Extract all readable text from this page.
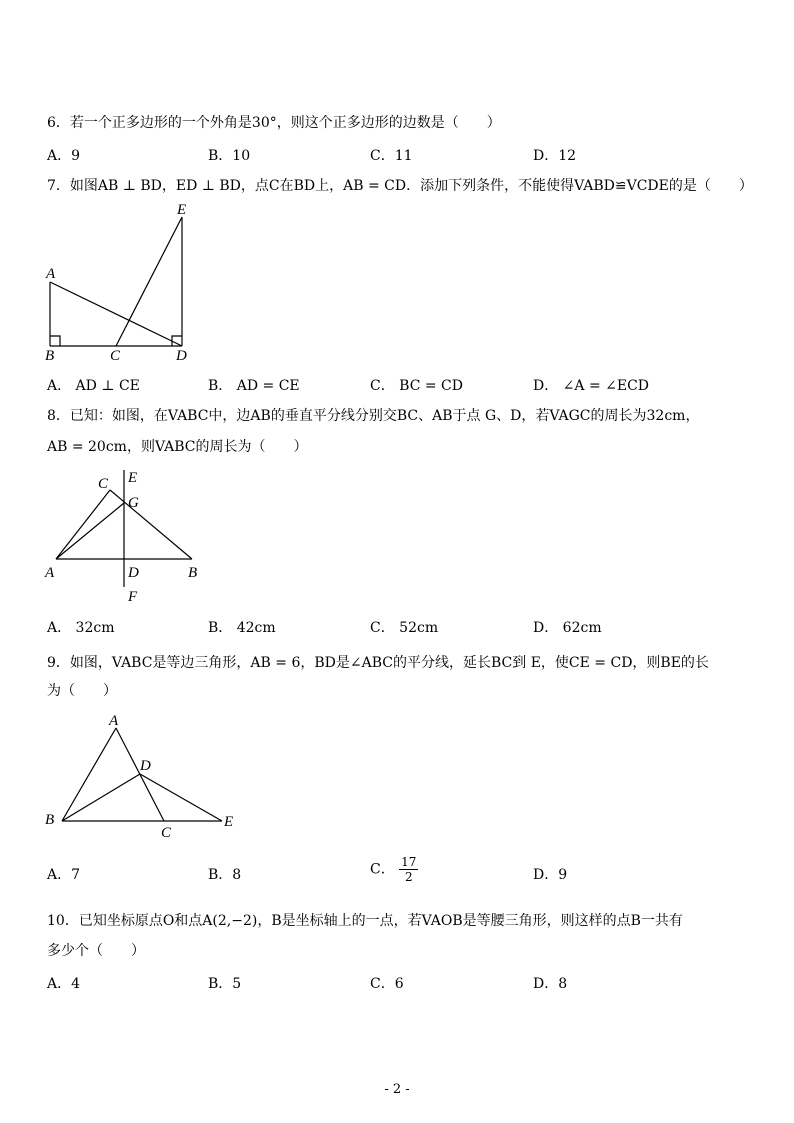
6．若一个正多边形的一个外角是30°，则这个正多边形的边数是（　　）
A．9	B．10	C．11	D．12
7．如图AB ⊥ BD，ED ⊥ BD，点C在BD上，AB = CD．添加下列条件，不能使得VABD≌VCDE的是（　　）
E
A
B	C	D
A． AD ⊥ CE	B． AD = CE	C． BC = CD	D． ∠A = ∠ECD
8．已知：如图，在VABC中，边AB的垂直平分线分别交BC、AB于点 G、D，若VAGC的周长为32cm，
AB = 20cm，则VABC的周长为（　　）
E
C
G
A	D	B
F
A． 32cm	B． 42cm	C． 52cm	D． 62cm
9．如图，VABC是等边三角形，AB = 6，BD是∠ABC的平分线，延长BC到 E，使CE = CD，则BE的长
为（　　）
A
D
B
C
E
A．7	B．8	C． $\frac{17}{2}$	D．9
10．已知坐标原点O和点A(2,−2)，B是坐标轴上的一点，若VAOB是等腰三角形，则这样的点B一共有
多少个（　　）
A．4	B．5	C．6	D．8
- 2 -
